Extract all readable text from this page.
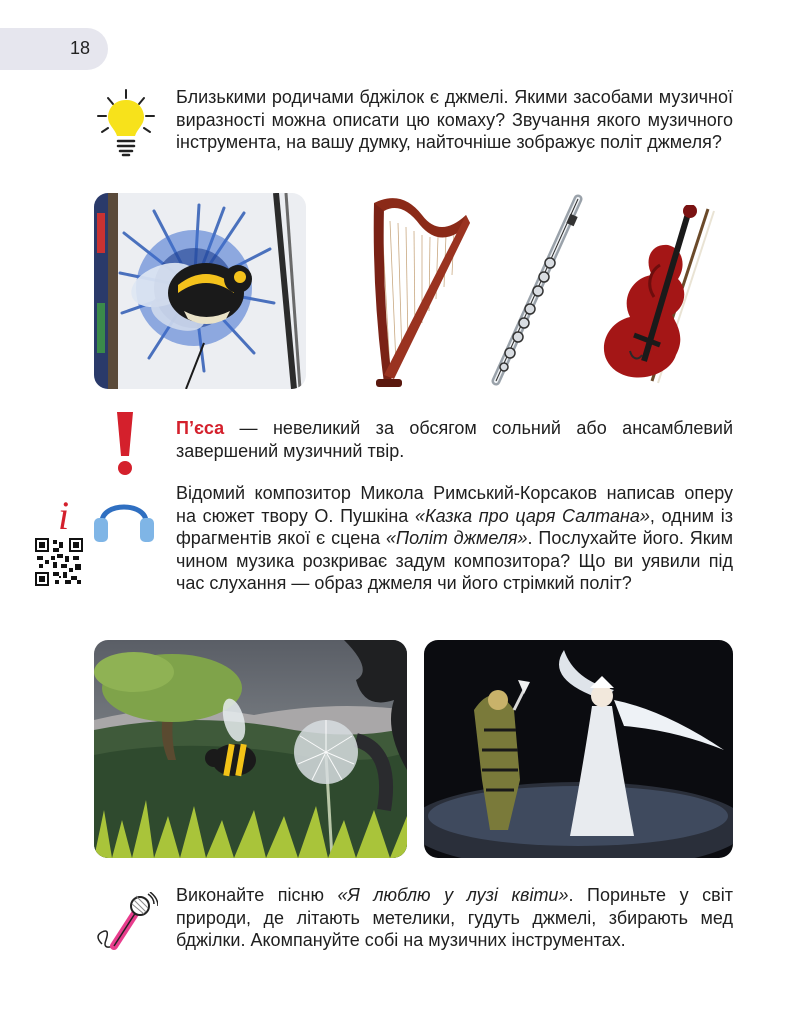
18

Близькими родичами бджілок є джмелі. Якими засобами музичної виразності можна описати цю комаху? Звучання якого музичного інструмента, на вашу думку, найточніше зображує політ джмеля?

П’єса — невеликий за обсягом сольний або ансамблевий завершений музичний твір.

i	Відомий композитор Микола Римський-Корсаков написав оперу на сюжет твору О. Пушкіна «Казка про царя Салтана», одним із фрагментів якої є сцена «Політ джмеля». Послухайте його. Яким чином музика розкриває задум композитора? Що ви уявили під час слухання — образ джмеля чи його стрімкий політ?

Виконайте пісню «Я люблю у лузі квіти». Пориньте у світ природи, де літають метелики, гудуть джмелі, збирають мед бджілки. Акомпануйте собі на музичних інструментах.
